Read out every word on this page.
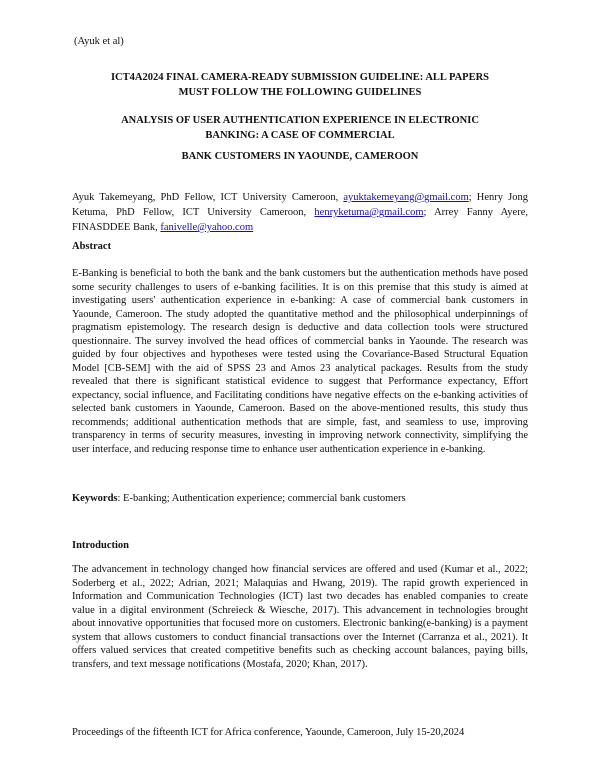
(Ayuk et al)
ICT4A2024 FINAL CAMERA-READY SUBMISSION GUIDELINE: ALL PAPERS
MUST FOLLOW THE FOLLOWING GUIDELINES
ANALYSIS OF USER AUTHENTICATION EXPERIENCE IN ELECTRONIC
BANKING: A CASE OF COMMERCIAL
BANK CUSTOMERS IN YAOUNDE, CAMEROON
Ayuk Takemeyang, PhD Fellow, ICT University Cameroon, ayuktakemeyang@gmail.com; Henry Jong Ketuma, PhD Fellow, ICT University Cameroon, henryketuma@gmail.com; Arrey Fanny Ayere, FINASDDEE Bank, fanivelle@yahoo.com
Abstract
E-Banking is beneficial to both the bank and the bank customers but the authentication methods have posed some security challenges to users of e-banking facilities. It is on this premise that this study is aimed at investigating users' authentication experience in e-banking: A case of commercial bank customers in Yaounde, Cameroon. The study adopted the quantitative method and the philosophical underpinnings of pragmatism epistemology. The research design is deductive and data collection tools were structured questionnaire. The survey involved the head offices of commercial banks in Yaounde. The research was guided by four objectives and hypotheses were tested using the Covariance-Based Structural Equation Model [CB-SEM] with the aid of SPSS 23 and Amos 23 analytical packages. Results from the study revealed that there is significant statistical evidence to suggest that Performance expectancy, Effort expectancy, social influence, and Facilitating conditions have negative effects on the e-banking activities of selected bank customers in Yaounde, Cameroon. Based on the above-mentioned results, this study thus recommends; additional authentication methods that are simple, fast, and seamless to use, improving transparency in terms of security measures, investing in improving network connectivity, simplifying the user interface, and reducing response time to enhance user authentication experience in e-banking.
Keywords: E-banking; Authentication experience; commercial bank customers
Introduction
The advancement in technology changed how financial services are offered and used (Kumar et al., 2022; Soderberg et al., 2022; Adrian, 2021; Malaquias and Hwang, 2019). The rapid growth experienced in Information and Communication Technologies (ICT) last two decades has enabled companies to create value in a digital environment (Schreieck & Wiesche, 2017). This advancement in technologies brought about innovative opportunities that focused more on customers. Electronic banking(e-banking) is a payment system that allows customers to conduct financial transactions over the Internet (Carranza et al., 2021). It offers valued services that created competitive benefits such as checking account balances, paying bills, transfers, and text message notifications (Mostafa, 2020; Khan, 2017).
Proceedings of the fifteenth ICT for Africa conference, Yaounde, Cameroon, July 15-20,2024
